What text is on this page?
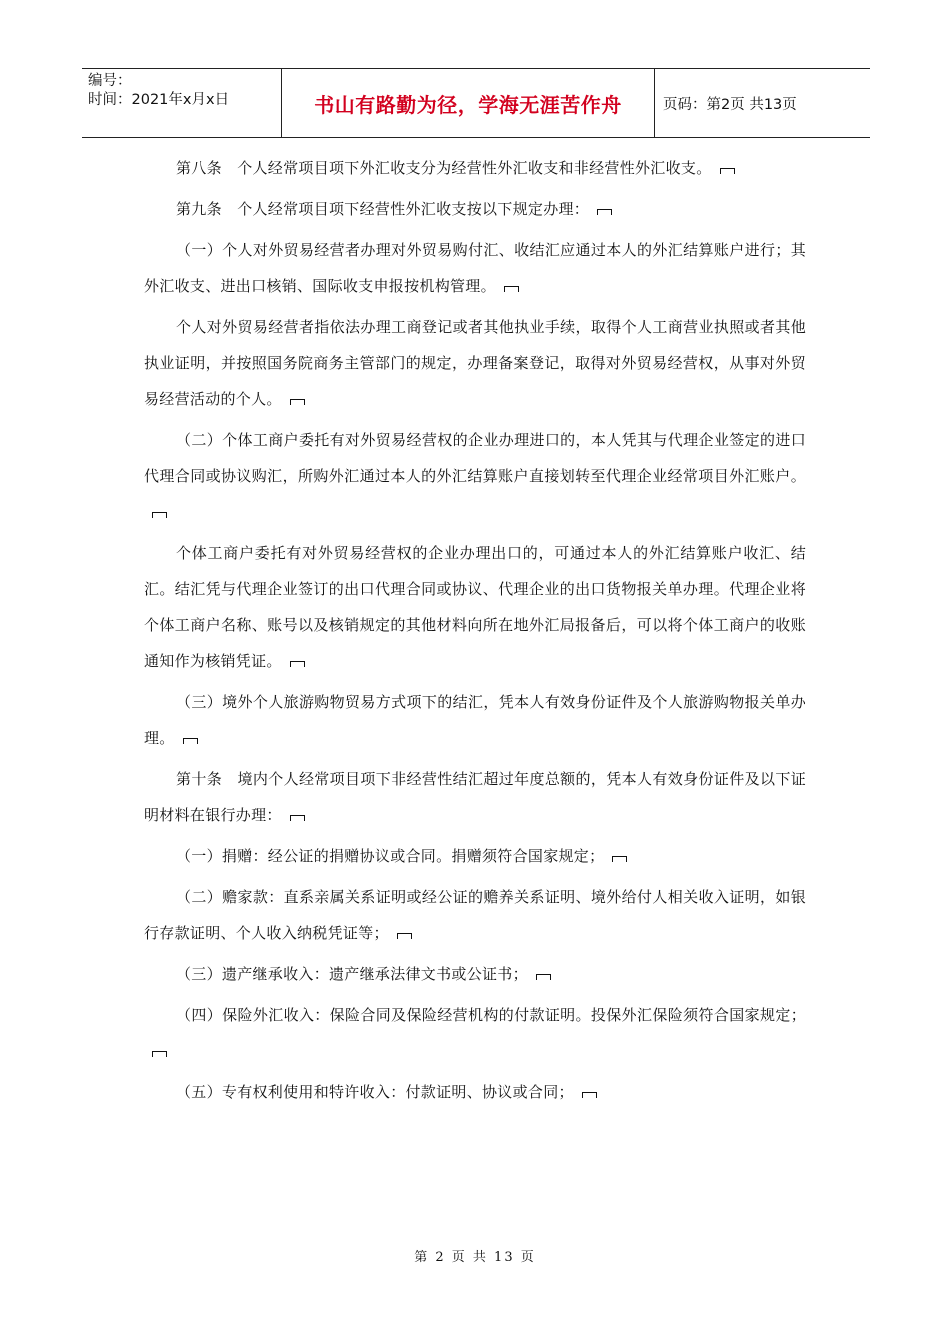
编号：
时间：2021年x月x日	书山有路勤为径，学海无涯苦作舟	页码：第2页 共13页

第八条　个人经常项目项下外汇收支分为经营性外汇收支和非经营性外汇收支。

第九条　个人经常项目项下经营性外汇收支按以下规定办理：

（一）个人对外贸易经营者办理对外贸易购付汇、收结汇应通过本人的外汇结算账户进行；其外汇收支、进出口核销、国际收支申报按机构管理。

个人对外贸易经营者指依法办理工商登记或者其他执业手续，取得个人工商营业执照或者其他执业证明，并按照国务院商务主管部门的规定，办理备案登记，取得对外贸易经营权，从事对外贸易经营活动的个人。

（二）个体工商户委托有对外贸易经营权的企业办理进口的，本人凭其与代理企业签定的进口代理合同或协议购汇，所购外汇通过本人的外汇结算账户直接划转至代理企业经常项目外汇账户。

个体工商户委托有对外贸易经营权的企业办理出口的，可通过本人的外汇结算账户收汇、结汇。结汇凭与代理企业签订的出口代理合同或协议、代理企业的出口货物报关单办理。代理企业将个体工商户名称、账号以及核销规定的其他材料向所在地外汇局报备后，可以将个体工商户的收账通知作为核销凭证。

（三）境外个人旅游购物贸易方式项下的结汇，凭本人有效身份证件及个人旅游购物报关单办理。

第十条　境内个人经常项目项下非经营性结汇超过年度总额的，凭本人有效身份证件及以下证明材料在银行办理：

（一）捐赠：经公证的捐赠协议或合同。捐赠须符合国家规定；

（二）赡家款：直系亲属关系证明或经公证的赡养关系证明、境外给付人相关收入证明，如银行存款证明、个人收入纳税凭证等；

（三）遗产继承收入：遗产继承法律文书或公证书；

（四）保险外汇收入：保险合同及保险经营机构的付款证明。投保外汇保险须符合国家规定；

（五）专有权利使用和特许收入：付款证明、协议或合同；

第 2 页 共 13 页
